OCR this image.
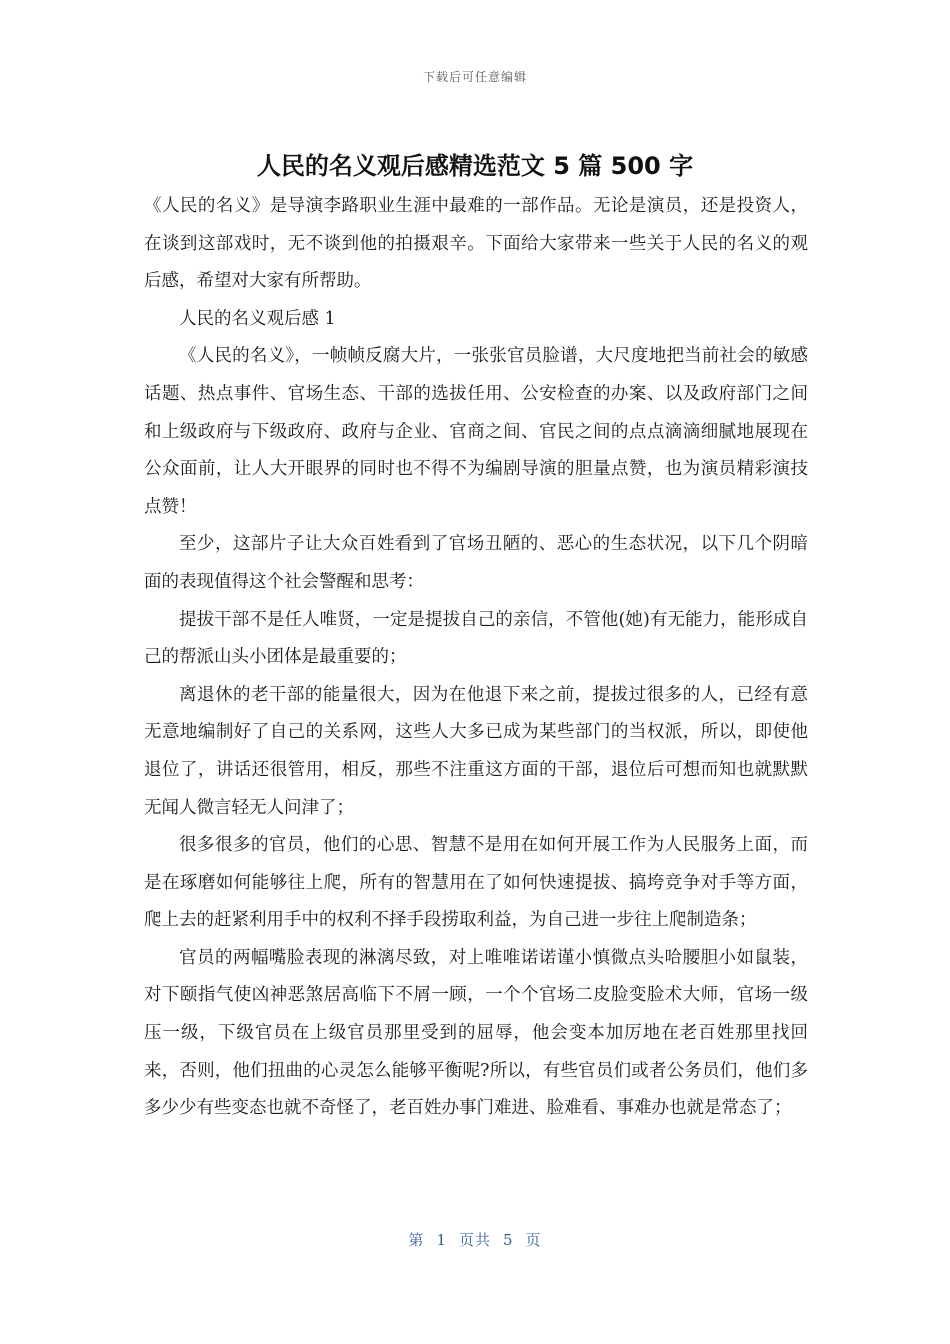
下载后可任意编辑
人民的名义观后感精选范文 5 篇 500 字

《人民的名义》是导演李路职业生涯中最难的一部作品。无论是演员，还是投资人，在谈到这部戏时，无不谈到他的拍摄艰辛。下面给大家带来一些关于人民的名义的观后感，希望对大家有所帮助。

人民的名义观后感 1

《人民的名义》，一帧帧反腐大片，一张张官员脸谱，大尺度地把当前社会的敏感话题、热点事件、官场生态、干部的选拔任用、公安检查的办案、以及政府部门之间和上级政府与下级政府、政府与企业、官商之间、官民之间的点点滴滴细腻地展现在公众面前，让人大开眼界的同时也不得不为编剧导演的胆量点赞，也为演员精彩演技点赞！

至少，这部片子让大众百姓看到了官场丑陋的、恶心的生态状况，以下几个阴暗面的表现值得这个社会警醒和思考：

提拔干部不是任人唯贤，一定是提拔自己的亲信，不管他(她)有无能力，能形成自己的帮派山头小团体是最重要的；

离退休的老干部的能量很大，因为在他退下来之前，提拔过很多的人，已经有意无意地编制好了自己的关系网，这些人大多已成为某些部门的当权派，所以，即使他退位了，讲话还很管用，相反，那些不注重这方面的干部，退位后可想而知也就默默无闻人微言轻无人问津了；

很多很多的官员，他们的心思、智慧不是用在如何开展工作为人民服务上面，而是在琢磨如何能够往上爬，所有的智慧用在了如何快速提拔、搞垮竞争对手等方面，爬上去的赶紧利用手中的权利不择手段捞取利益，为自己进一步往上爬制造条；

官员的两幅嘴脸表现的淋漓尽致，对上唯唯诺诺谨小慎微点头哈腰胆小如鼠装，对下颐指气使凶神恶煞居高临下不屑一顾，一个个官场二皮脸变脸术大师，官场一级压一级，下级官员在上级官员那里受到的屈辱，他会变本加厉地在老百姓那里找回来，否则，他们扭曲的心灵怎么能够平衡呢?所以，有些官员们或者公务员们，他们多多少少有些变态也就不奇怪了，老百姓办事门难进、脸难看、事难办也就是常态了；

第 1 页共 5 页
